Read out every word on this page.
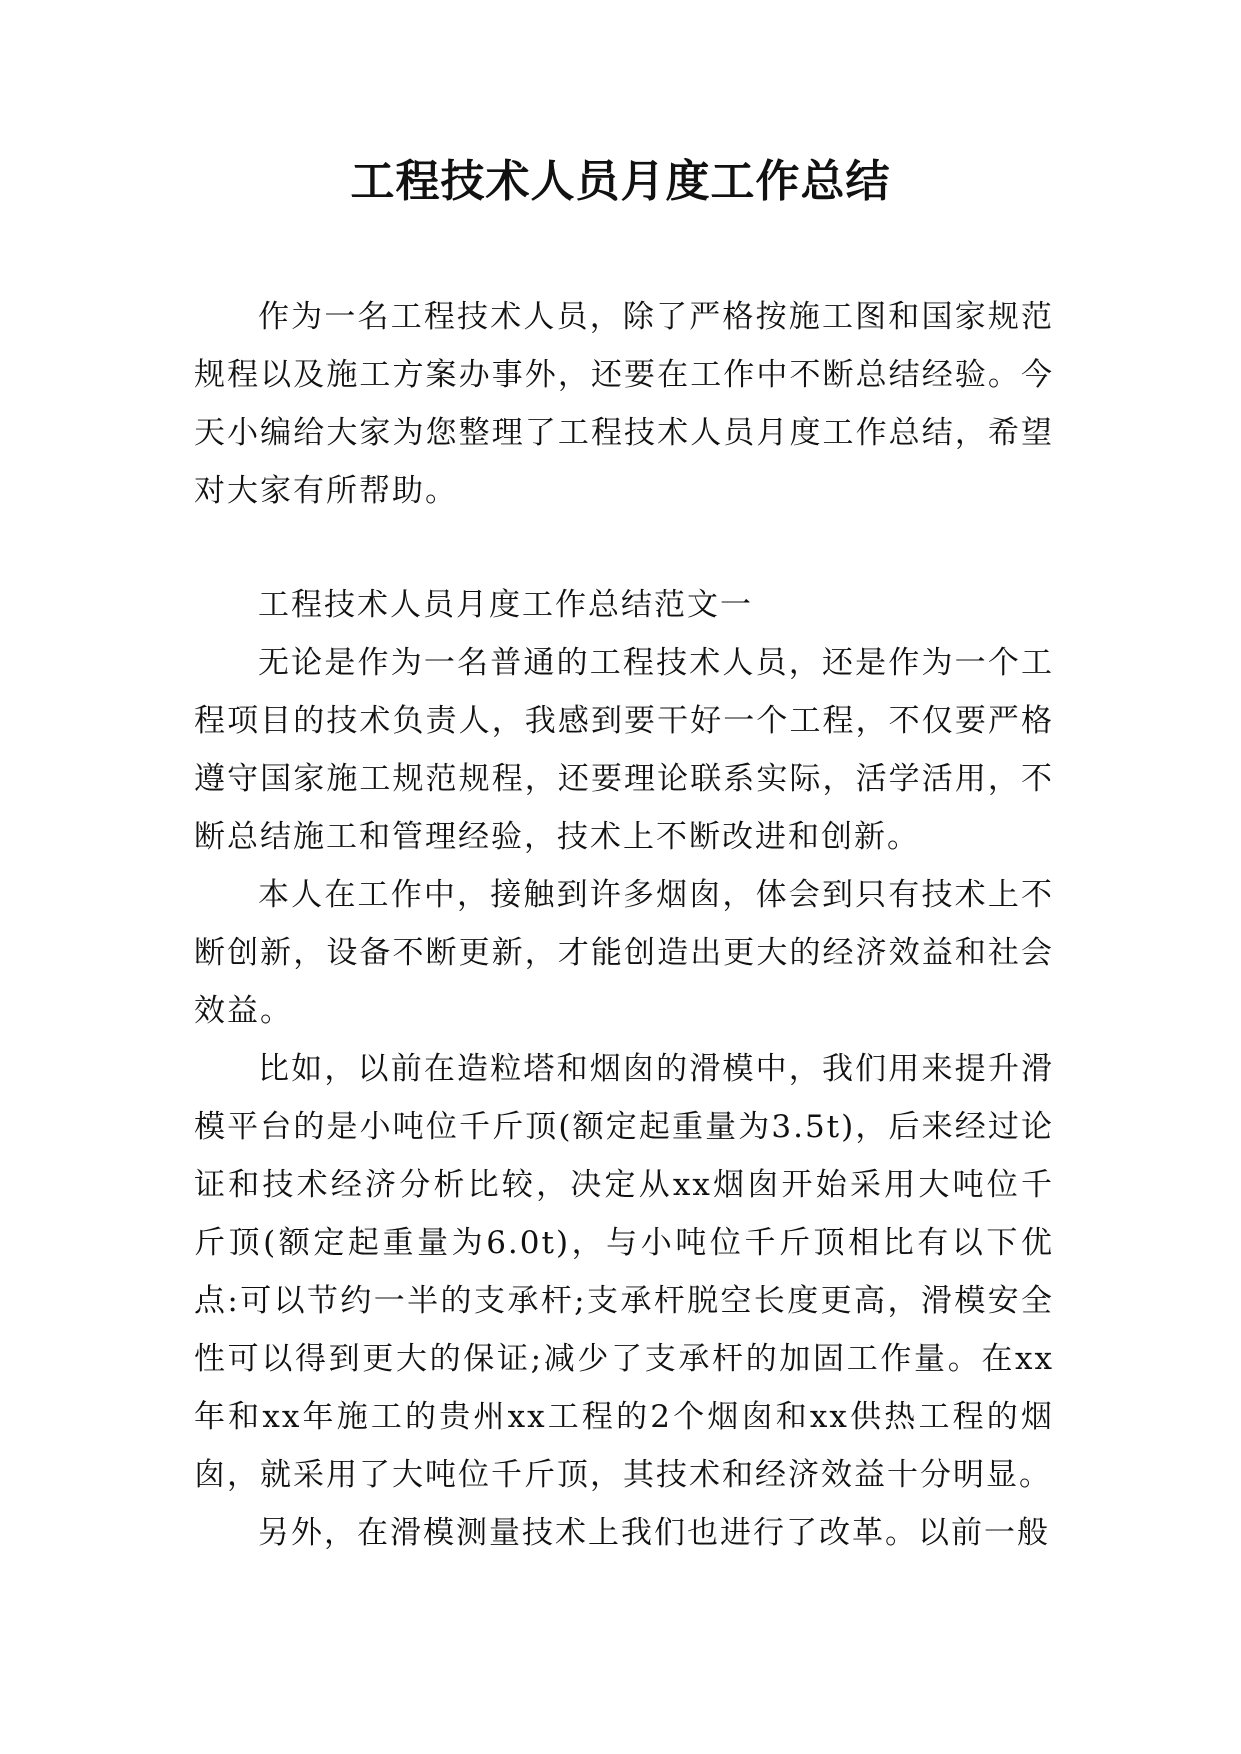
工程技术人员月度工作总结

作为一名工程技术人员，除了严格按施工图和国家规范规程以及施工方案办事外，还要在工作中不断总结经验。今天小编给大家为您整理了工程技术人员月度工作总结，希望对大家有所帮助。

工程技术人员月度工作总结范文一

无论是作为一名普通的工程技术人员，还是作为一个工程项目的技术负责人，我感到要干好一个工程，不仅要严格遵守国家施工规范规程，还要理论联系实际，活学活用，不断总结施工和管理经验，技术上不断改进和创新。

本人在工作中，接触到许多烟囱，体会到只有技术上不断创新，设备不断更新，才能创造出更大的经济效益和社会效益。

比如，以前在造粒塔和烟囱的滑模中，我们用来提升滑模平台的是小吨位千斤顶(额定起重量为3.5t)，后来经过论证和技术经济分析比较，决定从xx烟囱开始采用大吨位千斤顶(额定起重量为6.0t)，与小吨位千斤顶相比有以下优点:可以节约一半的支承杆;支承杆脱空长度更高，滑模安全性可以得到更大的保证;减少了支承杆的加固工作量。在xx年和xx年施工的贵州xx工程的2个烟囱和xx供热工程的烟囱，就采用了大吨位千斤顶，其技术和经济效益十分明显。

另外，在滑模测量技术上我们也进行了改革。以前一般
